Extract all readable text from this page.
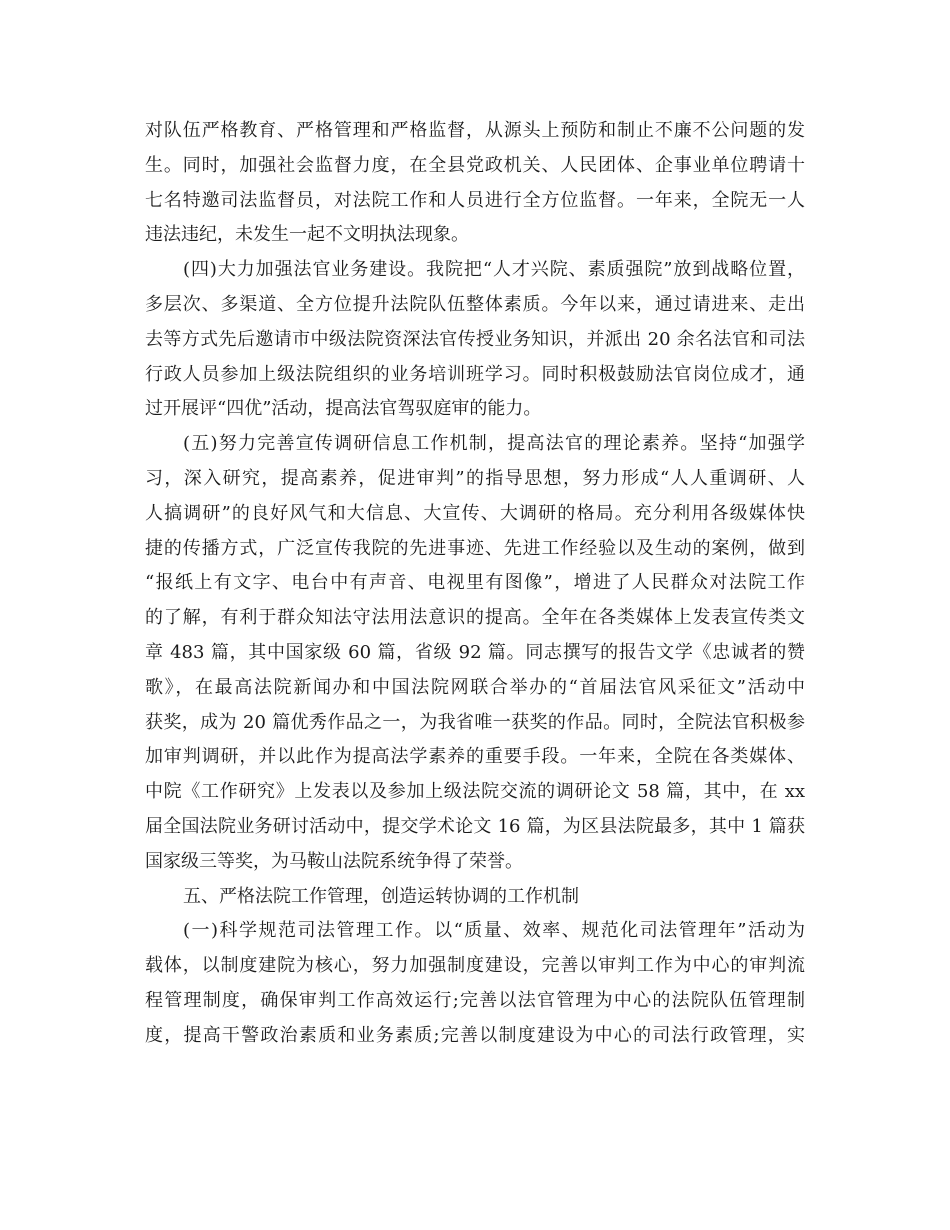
对队伍严格教育、严格管理和严格监督，从源头上预防和制止不廉不公问题的发
生。同时，加强社会监督力度，在全县党政机关、人民团体、企事业单位聘请十
七名特邀司法监督员，对法院工作和人员进行全方位监督。一年来，全院无一人
违法违纪，未发生一起不文明执法现象。
(四)大力加强法官业务建设。我院把“人才兴院、素质强院”放到战略位置，
多层次、多渠道、全方位提升法院队伍整体素质。今年以来，通过请进来、走出
去等方式先后邀请市中级法院资深法官传授业务知识，并派出 20 余名法官和司法
行政人员参加上级法院组织的业务培训班学习。同时积极鼓励法官岗位成才，通
过开展评“四优”活动，提高法官驾驭庭审的能力。
(五)努力完善宣传调研信息工作机制，提高法官的理论素养。坚持“加强学
习，深入研究，提高素养，促进审判”的指导思想，努力形成“人人重调研、人
人搞调研”的良好风气和大信息、大宣传、大调研的格局。充分利用各级媒体快
捷的传播方式，广泛宣传我院的先进事迹、先进工作经验以及生动的案例，做到
“报纸上有文字、电台中有声音、电视里有图像”，增进了人民群众对法院工作
的了解，有利于群众知法守法用法意识的提高。全年在各类媒体上发表宣传类文
章 483 篇，其中国家级 60 篇，省级 92 篇。同志撰写的报告文学《忠诚者的赞
歌》，在最高法院新闻办和中国法院网联合举办的“首届法官风采征文”活动中
获奖，成为 20 篇优秀作品之一，为我省唯一获奖的作品。同时，全院法官积极参
加审判调研，并以此作为提高法学素养的重要手段。一年来，全院在各类媒体、
中院《工作研究》上发表以及参加上级法院交流的调研论文 58 篇，其中，在 xx
届全国法院业务研讨活动中，提交学术论文 16 篇，为区县法院最多，其中 1 篇获
国家级三等奖，为马鞍山法院系统争得了荣誉。
五、严格法院工作管理，创造运转协调的工作机制
(一)科学规范司法管理工作。以“质量、效率、规范化司法管理年”活动为
载体，以制度建院为核心，努力加强制度建设，完善以审判工作为中心的审判流
程管理制度，确保审判工作高效运行;完善以法官管理为中心的法院队伍管理制
度，提高干警政治素质和业务素质;完善以制度建设为中心的司法行政管理，实
